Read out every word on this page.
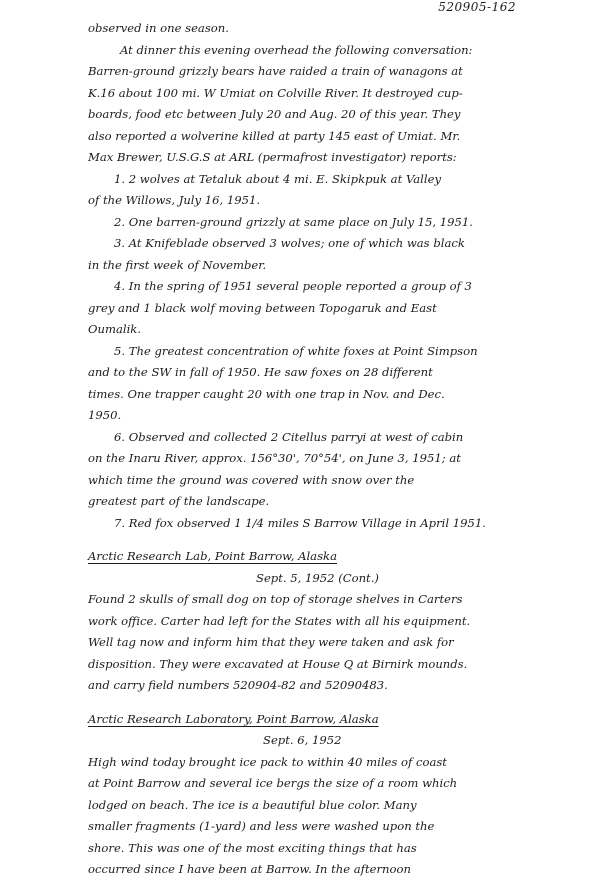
520905-162
observed in one season.
At dinner this evening overhead the following conversation:
Barren-ground grizzly bears have raided a train of wanagons at
K.16 about 100 mi. W Umiat on Colville River. It destroyed cup-
boards, food etc between July 20 and Aug. 20 of this year. They
also reported a wolverine killed at party 145 east of Umiat. Mr.
Max Brewer, U.S.G.S at ARL (permafrost investigator) reports:
1. 2 wolves at Tetaluk about 4 mi. E. Skipkpuk at Valley
of the Willows, July 16, 1951.
2. One barren-ground grizzly at same place on July 15, 1951.
3. At Knifeblade observed 3 wolves; one of which was black
in the first week of November.
4. In the spring of 1951 several people reported a group of 3
grey and 1 black wolf moving between Topogaruk and East
Oumalik.
5. The greatest concentration of white foxes at Point Simpson
and to the SW in fall of 1950. He saw foxes on 28 different
times. One trapper caught 20 with one trap in Nov. and Dec.
1950.
6. Observed and collected 2 Citellus parryi at west of cabin
on the Inaru River, approx. 156°30', 70°54', on June 3, 1951; at
which time the ground was covered with snow over the
greatest part of the landscape.
7. Red fox observed 1 1/4 miles S Barrow Village in April 1951.
Arctic Research Lab, Point Barrow, Alaska
Sept. 5, 1952 (Cont.)
Found 2 skulls of small dog on top of storage shelves in Carters
work office. Carter had left for the States with all his equipment.
Well tag now and inform him that they were taken and ask for
disposition. They were excavated at House Q at Birnirk mounds.
and carry field numbers 520904-82 and 52090483.
Arctic Research Laboratory, Point Barrow, Alaska
Sept. 6, 1952
High wind today brought ice pack to within 40 miles of coast
at Point Barrow and several ice bergs the size of a room which
lodged on beach. The ice is a beautiful blue color. Many
smaller fragments (1-yard) and less were washed upon the
shore. This was one of the most exciting things that has
occurred since I have been at Barrow. In the afternoon
